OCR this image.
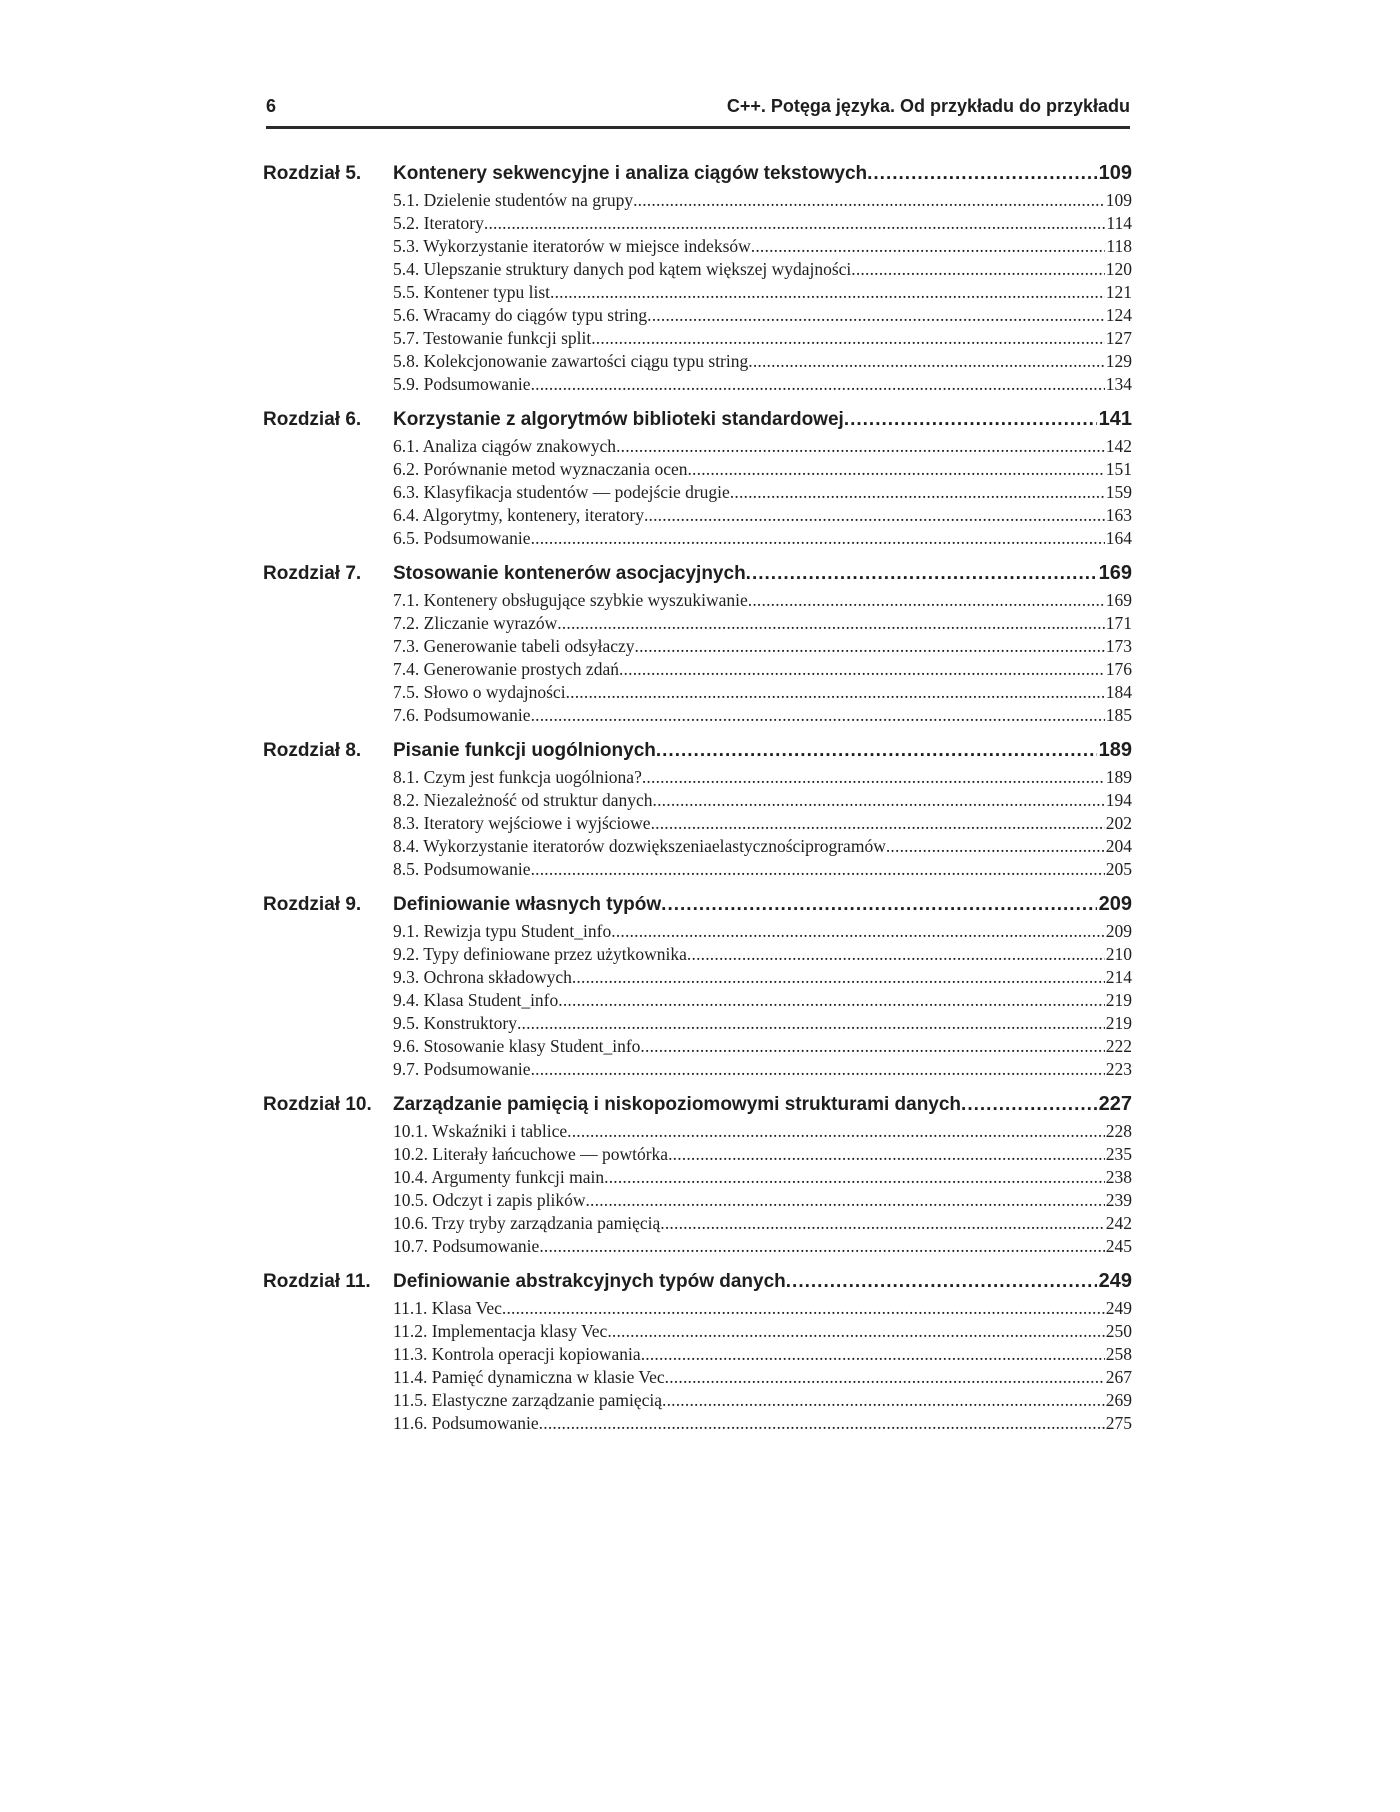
6	C++. Potęga języka. Od przykładu do przykładu
Rozdział 5.	Kontenery sekwencyjne i analiza ciągów tekstowych .....	109
5.1. Dzielenie studentów na grupy .....	109
5.2. Iteratory .....	114
5.3. Wykorzystanie iteratorów w miejsce indeksów .....	118
5.4. Ulepszanie struktury danych pod kątem większej wydajności .....	120
5.5. Kontener typu list .....	121
5.6. Wracamy do ciągów typu string .....	124
5.7. Testowanie funkcji split .....	127
5.8. Kolekcjonowanie zawartości ciągu typu string .....	129
5.9. Podsumowanie .....	134
Rozdział 6.	Korzystanie z algorytmów biblioteki standardowej .....	141
6.1. Analiza ciągów znakowych .....	142
6.2. Porównanie metod wyznaczania ocen .....	151
6.3. Klasyfikacja studentów — podejście drugie .....	159
6.4. Algorytmy, kontenery, iteratory .....	163
6.5. Podsumowanie .....	164
Rozdział 7.	Stosowanie kontenerów asocjacyjnych .....	169
7.1. Kontenery obsługujące szybkie wyszukiwanie .....	169
7.2. Zliczanie wyrazów .....	171
7.3. Generowanie tabeli odsyłaczy .....	173
7.4. Generowanie prostych zdań .....	176
7.5. Słowo o wydajności .....	184
7.6. Podsumowanie .....	185
Rozdział 8.	Pisanie funkcji uogólnionych .....	189
8.1. Czym jest funkcja uogólniona? .....	189
8.2. Niezależność od struktur danych .....	194
8.3. Iteratory wejściowe i wyjściowe .....	202
8.4. Wykorzystanie iteratorów dozwiększeniaelastycznościprogramów .....	204
8.5. Podsumowanie .....	205
Rozdział 9.	Definiowanie własnych typów .....	209
9.1. Rewizja typu Student_info .....	209
9.2. Typy definiowane przez użytkownika .....	210
9.3. Ochrona składowych .....	214
9.4. Klasa Student_info .....	219
9.5. Konstruktory .....	219
9.6. Stosowanie klasy Student_info .....	222
9.7. Podsumowanie .....	223
Rozdział 10.	Zarządzanie pamięcią i niskopoziomowymi strukturami danych .....	227
10.1. Wskaźniki i tablice .....	228
10.2. Literały łańcuchowe — powtórka .....	235
10.4. Argumenty funkcji main .....	238
10.5. Odczyt i zapis plików .....	239
10.6. Trzy tryby zarządzania pamięcią .....	242
10.7. Podsumowanie .....	245
Rozdział 11.	Definiowanie abstrakcyjnych typów danych .....	249
11.1. Klasa Vec .....	249
11.2. Implementacja klasy Vec .....	250
11.3. Kontrola operacji kopiowania .....	258
11.4. Pamięć dynamiczna w klasie Vec .....	267
11.5. Elastyczne zarządzanie pamięcią .....	269
11.6. Podsumowanie .....	275
